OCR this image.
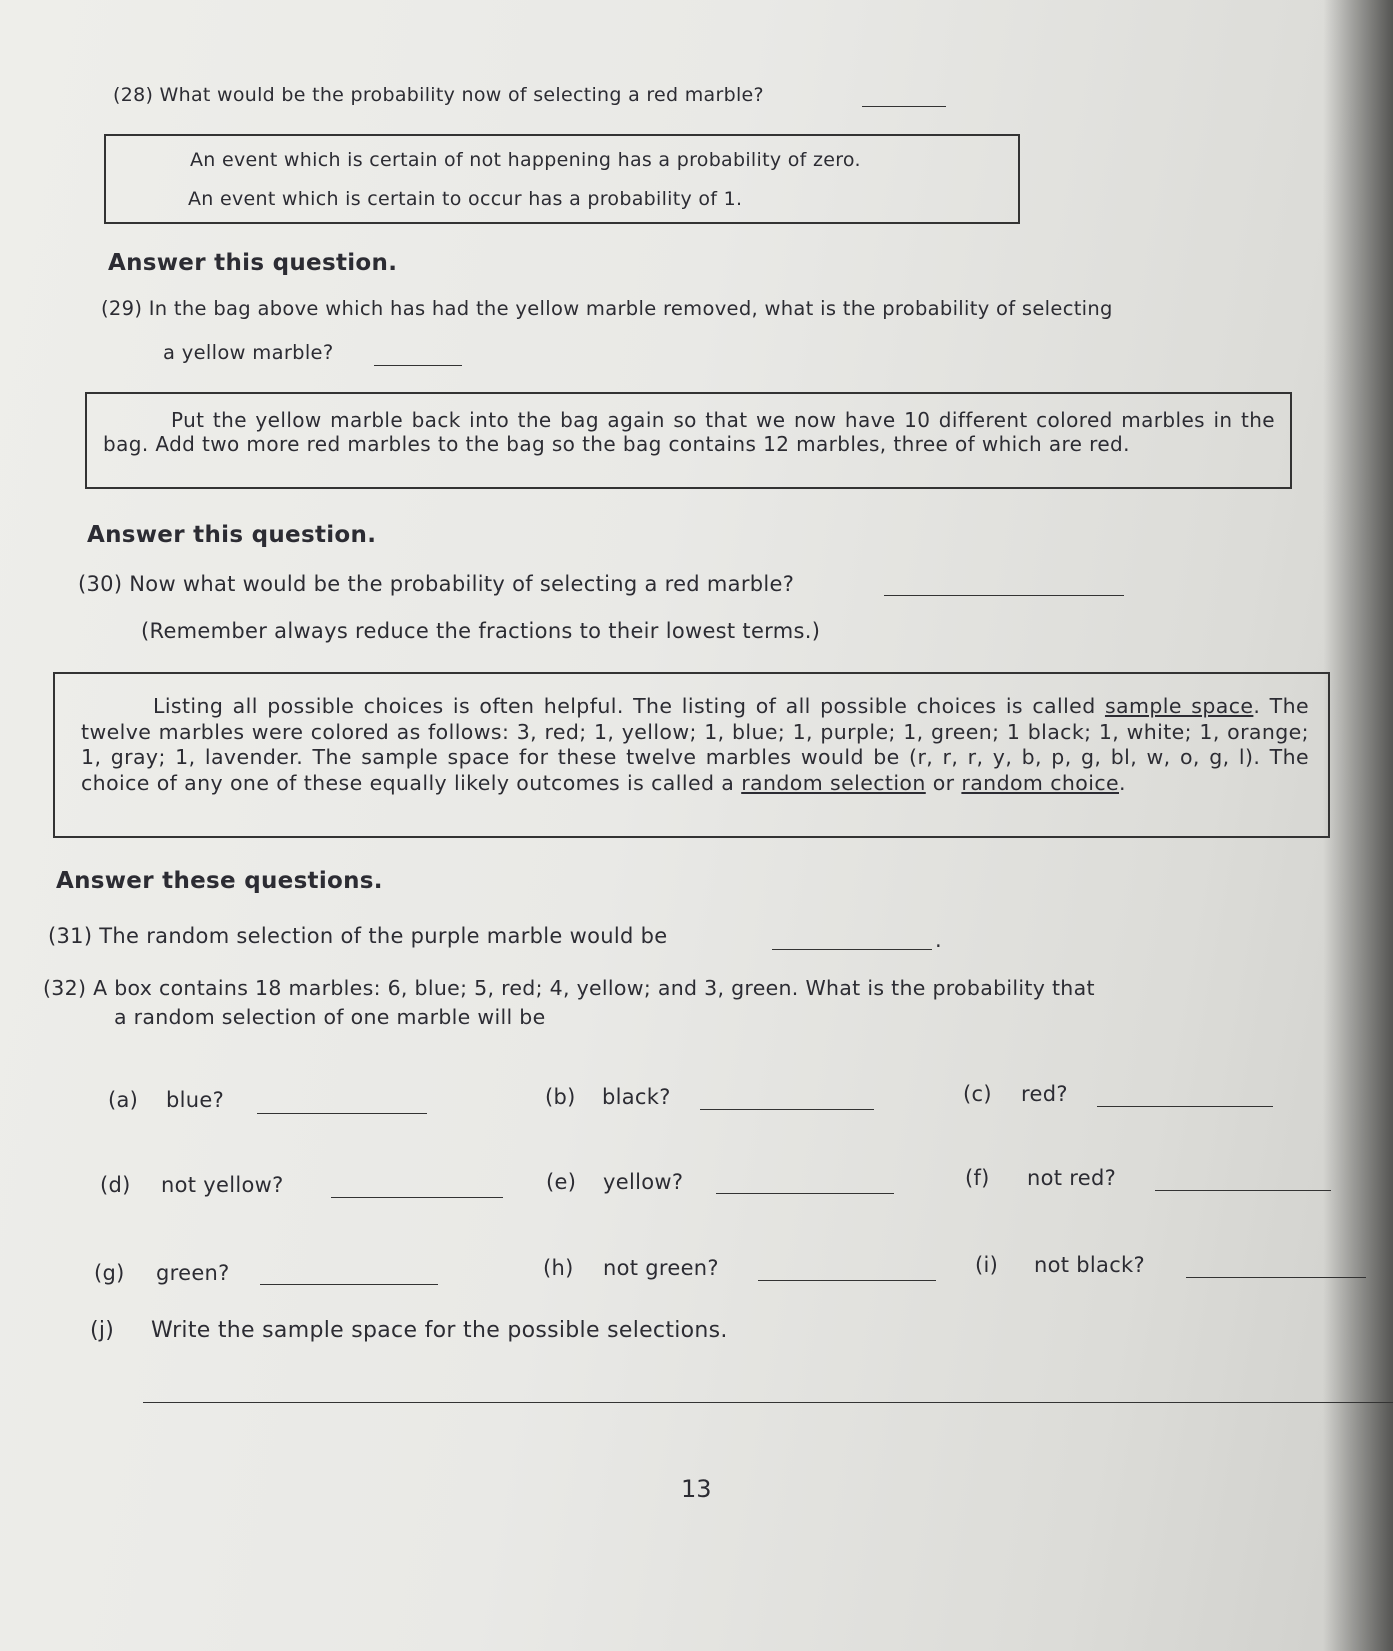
(28) What would be the probability now of selecting a red marble?
An event which is certain of not happening has a probability of zero.
An event which is certain to occur has a probability of 1.
Answer this question.
(29) In the bag above which has had the yellow marble removed, what is the probability of selecting
a yellow marble?
Put the yellow marble back into the bag again so that we now have 10 different colored marbles in the bag. Add two more red marbles to the bag so the bag contains 12 marbles, three of which are red.
Answer this question.
(30) Now what would be the probability of selecting a red marble?
(Remember always reduce the fractions to their lowest terms.)
Listing all possible choices is often helpful. The listing of all possible choices is called sample space. The twelve marbles were colored as follows: 3, red; 1, yellow; 1, blue; 1, purple; 1, green; 1 black; 1, white; 1, orange; 1, gray; 1, lavender. The sample space for these twelve marbles would be (r, r, r, y, b, p, g, bl, w, o, g, l). The choice of any one of these equally likely outcomes is called a random selection or random choice.
Answer these questions.
(31) The random selection of the purple marble would be	.
(32) A box contains 18 marbles: 6, blue; 5, red; 4, yellow; and 3, green. What is the probability that
a random selection of one marble will be
(a) blue?	(b) black?	(c) red?
(d) not yellow?	(e) yellow?	(f) not red?
(g) green?	(h) not green?	(i) not black?
(j) Write the sample space for the possible selections.
13
